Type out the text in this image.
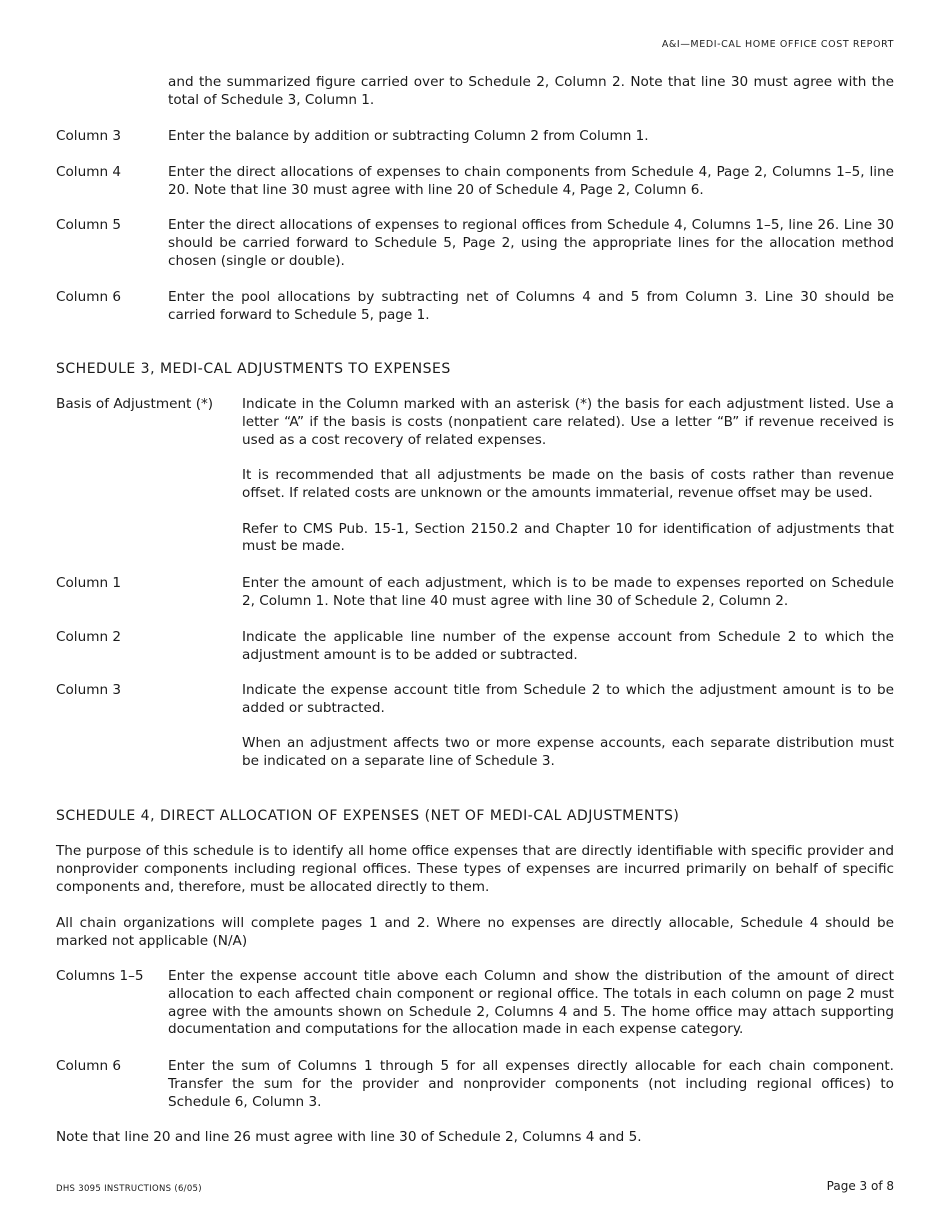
A&I—MEDI-CAL HOME OFFICE COST REPORT

and the summarized figure carried over to Schedule 2, Column 2. Note that line 30 must agree with the total of Schedule 3, Column 1.

Column 3	Enter the balance by addition or subtracting Column 2 from Column 1.

Column 4	Enter the direct allocations of expenses to chain components from Schedule 4, Page 2, Columns 1–5, line 20. Note that line 30 must agree with line 20 of Schedule 4, Page 2, Column 6.

Column 5	Enter the direct allocations of expenses to regional offices from Schedule 4, Columns 1–5, line 26. Line 30 should be carried forward to Schedule 5, Page 2, using the appropriate lines for the allocation method chosen (single or double).

Column 6	Enter the pool allocations by subtracting net of Columns 4 and 5 from Column 3. Line 30 should be carried forward to Schedule 5, page 1.

SCHEDULE 3, MEDI-CAL ADJUSTMENTS TO EXPENSES
Basis of Adjustment (*) Indicate in the Column marked with an asterisk (*) the basis for each adjustment listed. Use a letter “A” if the basis is costs (nonpatient care related). Use a letter “B” if revenue received is used as a cost recovery of related expenses.

It is recommended that all adjustments be made on the basis of costs rather than revenue offset. If related costs are unknown or the amounts immaterial, revenue offset may be used.

Refer to CMS Pub. 15-1, Section 2150.2 and Chapter 10 for identification of adjustments that must be made.

Column 1	Enter the amount of each adjustment, which is to be made to expenses reported on Schedule 2, Column 1. Note that line 40 must agree with line 30 of Schedule 2, Column 2.

Column 2	Indicate the applicable line number of the expense account from Schedule 2 to which the adjustment amount is to be added or subtracted.

Column 3	Indicate the expense account title from Schedule 2 to which the adjustment amount is to be added or subtracted.

When an adjustment affects two or more expense accounts, each separate distribution must be indicated on a separate line of Schedule 3.

SCHEDULE 4, DIRECT ALLOCATION OF EXPENSES (NET OF MEDI-CAL ADJUSTMENTS)

The purpose of this schedule is to identify all home office expenses that are directly identifiable with specific provider and nonprovider components including regional offices. These types of expenses are incurred primarily on behalf of specific components and, therefore, must be allocated directly to them.

All chain organizations will complete pages 1 and 2. Where no expenses are directly allocable, Schedule 4 should be marked not applicable (N/A)

Columns 1–5 Enter the expense account title above each Column and show the distribution of the amount of direct allocation to each affected chain component or regional office. The totals in each column on page 2 must agree with the amounts shown on Schedule 2, Columns 4 and 5. The home office may attach supporting documentation and computations for the allocation made in each expense category.

Column 6	Enter the sum of Columns 1 through 5 for all expenses directly allocable for each chain component. Transfer the sum for the provider and nonprovider components (not including regional offices) to Schedule 6, Column 3.

Note that line 20 and line 26 must agree with line 30 of Schedule 2, Columns 4 and 5.

DHS 3095 INSTRUCTIONS (6/05)	Page 3 of 8
